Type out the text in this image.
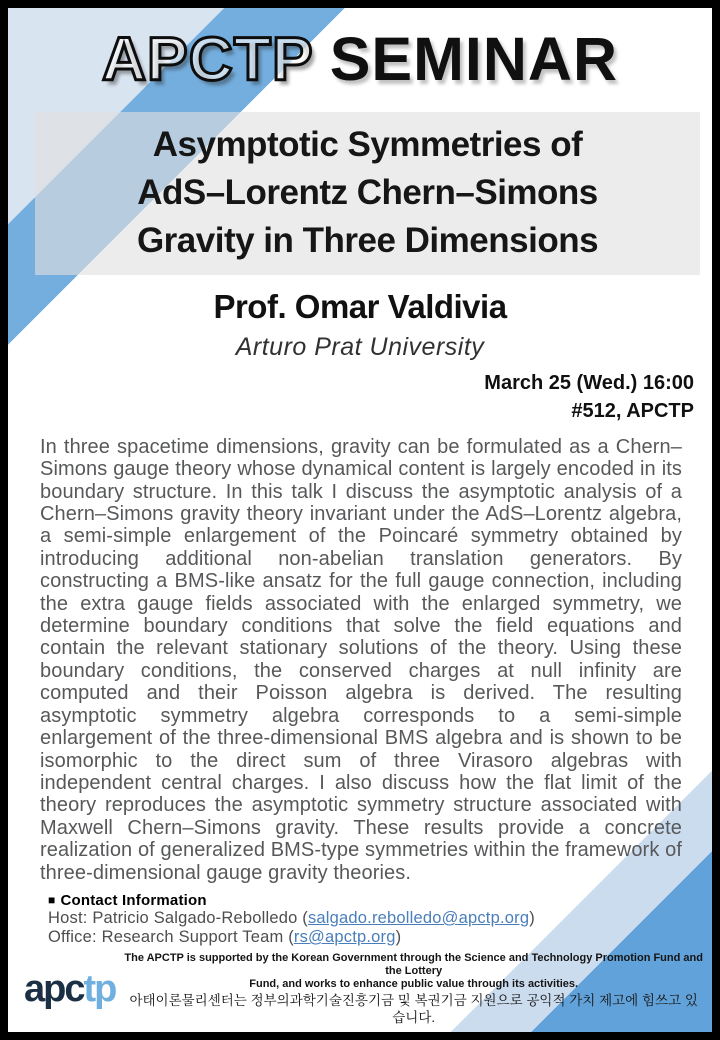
APCTP SEMINAR
Asymptotic Symmetries of AdS–Lorentz Chern–Simons Gravity in Three Dimensions
Prof. Omar Valdivia
Arturo Prat University
March 25 (Wed.) 16:00
#512, APCTP

In three spacetime dimensions, gravity can be formulated as a Chern–Simons gauge theory whose dynamical content is largely encoded in its boundary structure. In this talk I discuss the asymptotic analysis of a Chern–Simons gravity theory invariant under the AdS–Lorentz algebra, a semi-simple enlargement of the Poincaré symmetry obtained by introducing additional non-abelian translation generators. By constructing a BMS-like ansatz for the full gauge connection, including the extra gauge fields associated with the enlarged symmetry, we determine boundary conditions that solve the field equations and contain the relevant stationary solutions of the theory. Using these boundary conditions, the conserved charges at null infinity are computed and their Poisson algebra is derived. The resulting asymptotic symmetry algebra corresponds to a semi-simple enlargement of the three-dimensional BMS algebra and is shown to be isomorphic to the direct sum of three Virasoro algebras with independent central charges. I also discuss how the flat limit of the theory reproduces the asymptotic symmetry structure associated with Maxwell Chern–Simons gravity. These results provide a concrete realization of generalized BMS-type symmetries within the framework of three-dimensional gauge gravity theories.

■ Contact Information
Host: Patricio Salgado-Rebolledo (salgado.rebolledo@apctp.org)
Office: Research Support Team (rs@apctp.org)
apctp
The APCTP is supported by the Korean Government through the Science and Technology Promotion Fund and the Lottery
Fund, and works to enhance public value through its activities.
아태이론물리센터는 정부의과학기술진흥기금 및 복권기금 지원으로 공익적 가치 제고에 힘쓰고 있습니다.
